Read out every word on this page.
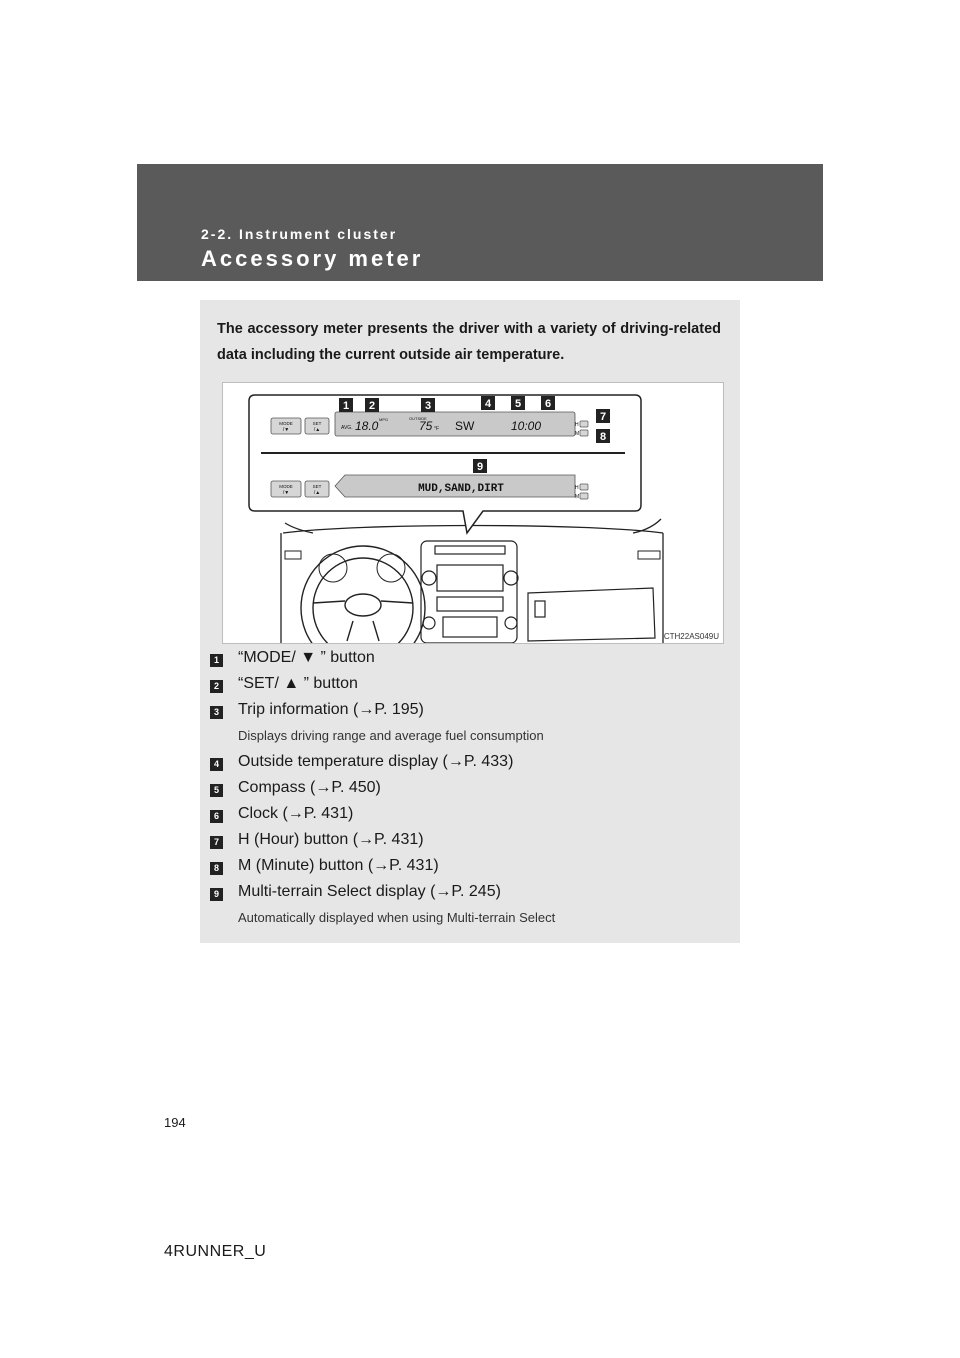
2-2. Instrument cluster
Accessory meter
The accessory meter presents the driver with a variety of driving-related data including the current outside air temperature.
MODE
/▼
SET
/▲	AVG. 18.0 MPG	OUTSIDE
75 °F SW	10:00	H
M
MODE
/▼
SET
/▲	MUD,SAND,DIRT	H
M
1 2	3	4 5 6
7
8
9
CTH22AS049U
1 “MODE/ ▼ ” button
2 “SET/ ▲ ” button
3 Trip information (→P. 195)
Displays driving range and average fuel consumption
4 Outside temperature display (→P. 433)
5 Compass (→P. 450)
6 Clock (→P. 431)
7 H (Hour) button (→P. 431)
8 M (Minute) button (→P. 431)
9 Multi-terrain Select display (→P. 245)
Automatically displayed when using Multi-terrain Select
194
4RUNNER_U
